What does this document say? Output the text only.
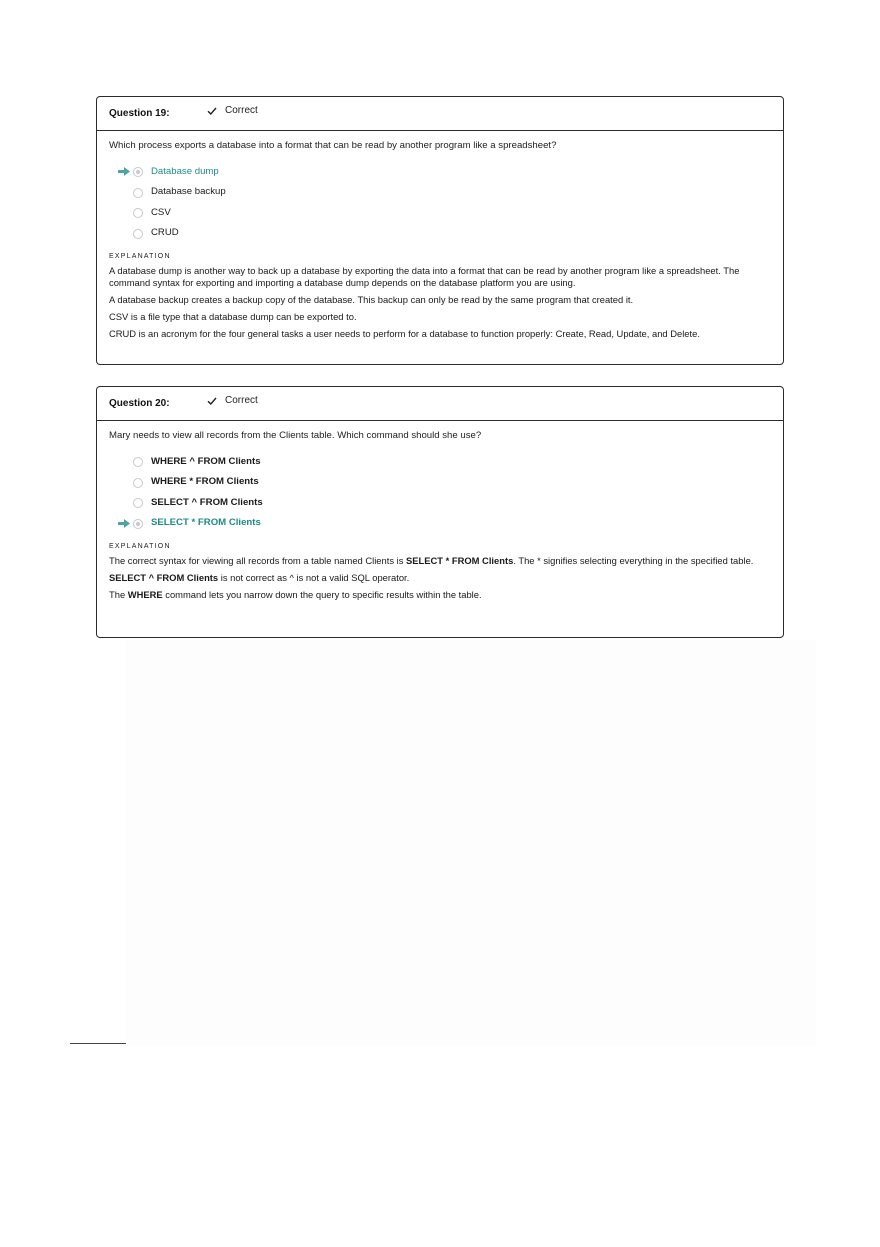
Question 19:	Correct
Which process exports a database into a format that can be read by another program like a spreadsheet?
Database dump
Database backup
CSV
CRUD
EXPLANATION

A database dump is another way to back up a database by exporting the data into a format that can be read by another program like a spreadsheet. The command syntax for exporting and importing a database dump depends on the database platform you are using.

A database backup creates a backup copy of the database. This backup can only be read by the same program that created it.

CSV is a file type that a database dump can be exported to.

CRUD is an acronym for the four general tasks a user needs to perform for a database to function properly: Create, Read, Update, and Delete.

Question 20:	Correct
Mary needs to view all records from the Clients table. Which command should she use?
WHERE ^ FROM Clients
WHERE * FROM Clients
SELECT ^ FROM Clients
SELECT * FROM Clients
EXPLANATION

The correct syntax for viewing all records from a table named Clients is SELECT * FROM Clients. The * signifies selecting everything in the specified table.

SELECT ^ FROM Clients is not correct as ^ is not a valid SQL operator.

The WHERE command lets you narrow down the query to specific results within the table.
